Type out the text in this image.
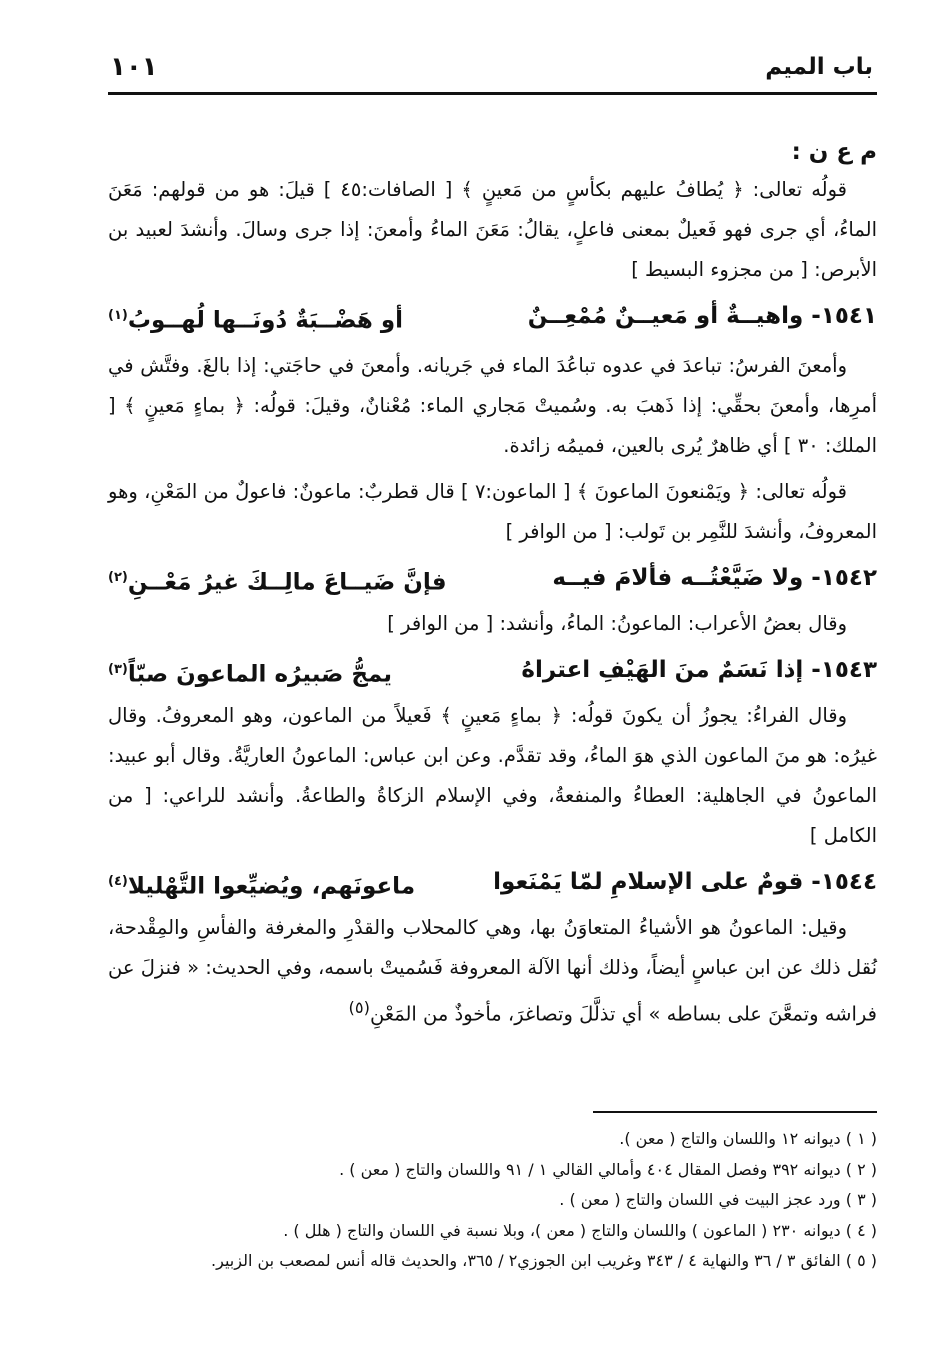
باب الميم
١٠١
م ع ن :

قولُه تعالى: ﴿ يُطافُ عليهم بكأسٍ من مَعينٍ ﴾ [ الصافات:٤٥ ] قيلَ: هو من قولهم: مَعَنَ الماءُ، أي جرى فهو فَعيلٌ بمعنى فاعلٍ، يقالُ: مَعَنَ الماءُ وأمعنَ: إذا جرى وسالَ. وأنشدَ لعبيد بن الأبرص: [ من مجزوء البسيط ]

١٥٤١- واهيــةٌ أو مَعيــنٌ مُمْعِــنٌ
أو هَضْــبَةٌ دُونَــها لُهــوبُ$^{(١)}$

وأمعنَ الفرسُ: تباعدَ في عدوه تباعُدَ الماء في جَريانه. وأمعنَ في حاجَتي: إذا بالغَ. وفتَّش في أمرِها، وأمعنَ بحقِّي: إذا ذَهبَ به. وسُميتْ مَجاري الماء: مُعْنانٌ، وقيلَ: قولُه: ﴿ بماءٍ مَعينٍ ﴾ [ الملك: ٣٠ ] أي ظاهرٌ يُرى بالعين، فميمُه زائدة.

قولُه تعالى: ﴿ ويَمْنعونَ الماعونَ ﴾ [ الماعون:٧ ] قال قطربٌ: ماعونٌ: فاعولٌ من المَعْنِ، وهو المعروفُ، وأنشدَ للنَّمِر بن تَولب: [ من الوافر ]

١٥٤٢- ولا ضَيَّعْتُــه فألامَ فيــه
فإنَّ ضَيــاعَ مالِــكَ غيرُ مَعْــنِ$^{(٢)}$

وقال بعضُ الأعراب: الماعونُ: الماءُ، وأنشد: [ من الوافر ]

١٥٤٣- إذا نَسَمٌ منَ الهَيْفِ اعتراهُ
يمجُّ صَبيرُه الماعونَ صبّاً$^{(٣)}$

وقال الفراءُ: يجوزُ أن يكونَ قولُه: ﴿ بماءٍ مَعينٍ ﴾ فَعيلاً من الماعون، وهو المعروفُ. وقال غيرُه: هو منَ الماعون الذي هوَ الماءُ، وقد تقدَّم. وعن ابن عباس: الماعونُ العاريَّةُ. وقال أبو عبيد: الماعونُ في الجاهلية: العطاءُ والمنفعةُ، وفي الإسلام الزكاةُ والطاعةُ. وأنشد للراعي: [ من الكامل ]

١٥٤٤- قومٌ على الإسلامِ لمّا يَمْنَعوا
ماعونَهم، ويُضيِّعوا التَّهْليلا$^{(٤)}$

وقيل: الماعونُ هو الأشياءُ المتعاوَنُ بها، وهي كالمحلاب والقدْرِ والمغرفة والفأسِ والمِقْدحة، نُقل ذلك عن ابن عباسٍ أيضاً، وذلك أنها الآلة المعروفة فَسُميتْ باسمه، وفي الحديث: « فنزلَ عن فراشه وتمعَّنَ على بساطه » أي تذلَّلَ وتصاغرَ، مأخوذٌ من المَعْنِ$^{(٥)}$

( ١ ) ديوانه ١٢ واللسان والتاج ( معن ).
( ٢ ) ديوانه ٣٩٢ وفصل المقال ٤٠٤ وأمالي القالي ١ / ٩١ واللسان والتاج ( معن ) .
( ٣ ) ورد عجز البيت في اللسان والتاج ( معن ) .
( ٤ ) ديوانه ٢٣٠ ( الماعون ) واللسان والتاج ( معن )، وبلا نسبة في اللسان والتاج ( هلل ) .
( ٥ ) الفائق ٣ / ٣٦ والنهاية ٤ / ٣٤٣ وغريب ابن الجوزي٢ / ٣٦٥، والحديث قاله أنس لمصعب بن الزبير.
